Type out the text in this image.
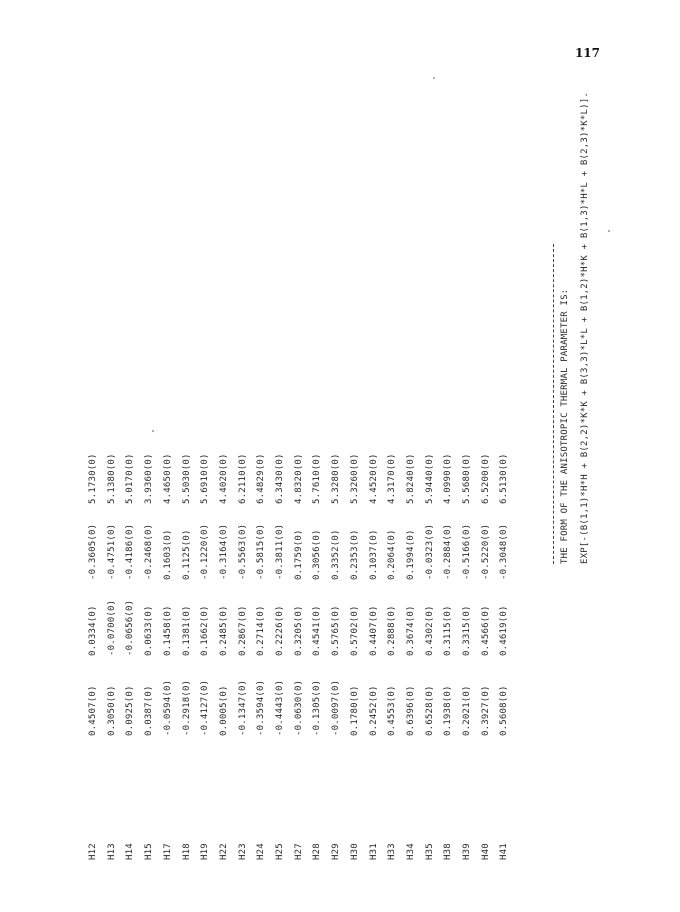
117
H12
0.4507(0)
0.0334(0)
-0.3605(0)
5.1730(0)
H13
0.3050(0)
-0.0700(0)
-0.4751(0)
5.1380(0)
H14
0.0925(0)
-0.0656(0)
-0.4186(0)
5.0170(0)
H15
0.0387(0)
0.0633(0)
-0.2468(0)
3.9360(0)
H17
-0.0594(0)
0.1458(0)
0.1603(0)
4.4650(0)
H18
-0.2918(0)
0.1381(0)
0.1125(0)
5.5030(0)
H19
-0.4127(0)
0.1662(0)
-0.1220(0)
5.6910(0)
H22
0.0005(0)
0.2485(0)
-0.3164(0)
4.4020(0)
H23
-0.1347(0)
0.2867(0)
-0.5563(0)
6.2110(0)
H24
-0.3594(0)
0.2714(0)
-0.5815(0)
6.4829(0)
H25
-0.4443(0)
0.2226(0)
-0.3811(0)
6.3430(0)
H27
-0.0630(0)
0.3205(0)
0.1759(0)
4.8320(0)
H28
-0.1305(0)
0.4541(0)
0.3056(0)
5.7610(0)
H29
-0.0097(0)
0.5765(0)
0.3352(0)
5.3280(0)
H30
0.1780(0)
0.5702(0)
0.2353(0)
5.3260(0)
H31
0.2452(0)
0.4407(0)
0.1037(0)
4.4520(0)
H33
0.4553(0)
0.2888(0)
0.2064(0)
4.3170(0)
H34
0.6396(0)
0.3674(0)
0.1994(0)
5.8240(0)
H35
0.6528(0)
0.4302(0)
-0.0323(0)
5.9440(0)
H38
0.1938(0)
0.3115(0)
-0.2884(0)
4.0990(0)
H39
0.2021(0)
0.3315(0)
-0.5166(0)
5.5680(0)
H40
0.3927(0)
0.4566(0)
-0.5220(0)
6.5200(0)
H41
0.5608(0)
0.4619(0)
-0.3048(0)
6.5130(0)	THE FORM OF THE ANISOTROPIC THERMAL PARAMETER IS: EXP[-(B(1,1)*H*H + B(2,2)*K*K + B(3,3)*L*L + B(1,2)*H*K + B(1,3)*H*L + B(2,3)*K*L)].
